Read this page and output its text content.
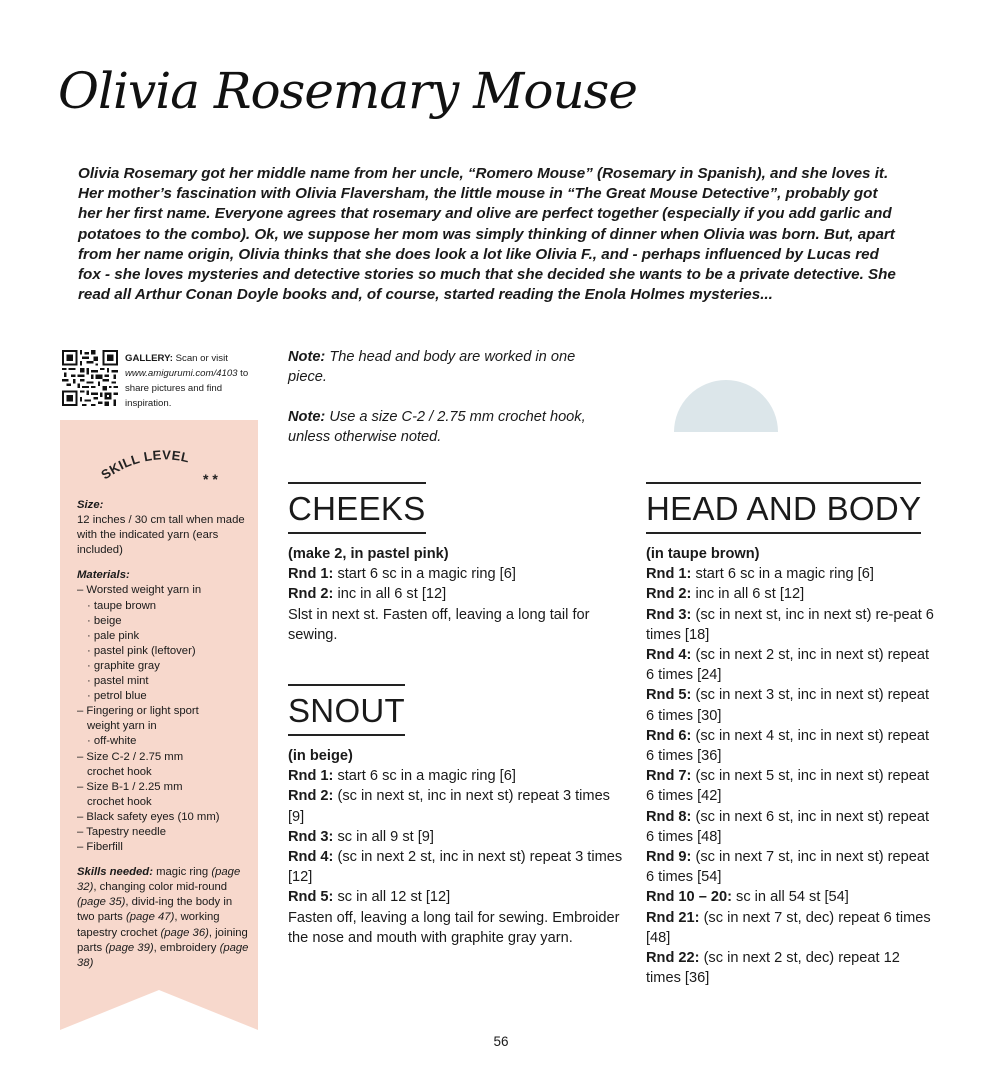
Olivia Rosemary Mouse

Olivia Rosemary got her middle name from her uncle, “Romero Mouse” (Rosemary in Spanish), and she loves it. Her mother’s fascination with Olivia Flaversham, the little mouse in “The Great Mouse Detective”, probably got her her first name. Everyone agrees that rosemary and olive are perfect together (especially if you add garlic and potatoes to the combo). Ok, we suppose her mom was simply thinking of dinner when Olivia was born. But, apart from her name origin, Olivia thinks that she does look a lot like Olivia F., and - perhaps influenced by Lucas red fox - she loves mysteries and detective stories so much that she decided she wants to be a private detective. She read all Arthur Conan Doyle books and, of course, started reading the Enola Holmes mysteries...

GALLERY: Scan or visit www.amigurumi.com/4103 to share pictures and find inspiration.
SKILL LEVEL
* *
Size:
12 inches / 30 cm tall when made with the indicated yarn (ears included)
Materials:
– Worsted weight yarn in
· taupe brown
· beige
· pale pink
· pastel pink (leftover)
· graphite gray
· pastel mint
· petrol blue
– Fingering or light sport
weight yarn in
· off-white
– Size C-2 / 2.75 mm
crochet hook
– Size B-1 / 2.25 mm
crochet hook
– Black safety eyes (10 mm)
– Tapestry needle
– Fiberfill
Skills needed: magic ring (page 32), changing color mid-round (page 35), divid-ing the body in two parts (page 47), working tapestry crochet (page 36), joining parts (page 39), embroidery (page 38)

Note: The head and body are worked in one piece.

Note: Use a size C-2 / 2.75 mm crochet hook, unless otherwise noted.

CHEEKS
(make 2, in pastel pink)

Rnd 1: start 6 sc in a magic ring [6]

Rnd 2: inc in all 6 st [12]

Slst in next st. Fasten off, leaving a long tail for sewing.

SNOUT
(in beige)

Rnd 1: start 6 sc in a magic ring [6]

Rnd 2: (sc in next st, inc in next st) repeat 3 times [9]

Rnd 3: sc in all 9 st [9]

Rnd 4: (sc in next 2 st, inc in next st) repeat 3 times [12]

Rnd 5: sc in all 12 st [12]

Fasten off, leaving a long tail for sewing. Embroider the nose and mouth with graphite gray yarn.

HEAD AND BODY
(in taupe brown)

Rnd 1: start 6 sc in a magic ring [6]

Rnd 2: inc in all 6 st [12]

Rnd 3: (sc in next st, inc in next st) re-peat 6 times [18]

Rnd 4: (sc in next 2 st, inc in next st) repeat 6 times [24]

Rnd 5: (sc in next 3 st, inc in next st) repeat 6 times [30]

Rnd 6: (sc in next 4 st, inc in next st) repeat 6 times [36]

Rnd 7: (sc in next 5 st, inc in next st) repeat 6 times [42]

Rnd 8: (sc in next 6 st, inc in next st) repeat 6 times [48]

Rnd 9: (sc in next 7 st, inc in next st) repeat 6 times [54]

Rnd 10 – 20: sc in all 54 st [54]

Rnd 21: (sc in next 7 st, dec) repeat 6 times [48]

Rnd 22: (sc in next 2 st, dec) repeat 12 times [36]

56
